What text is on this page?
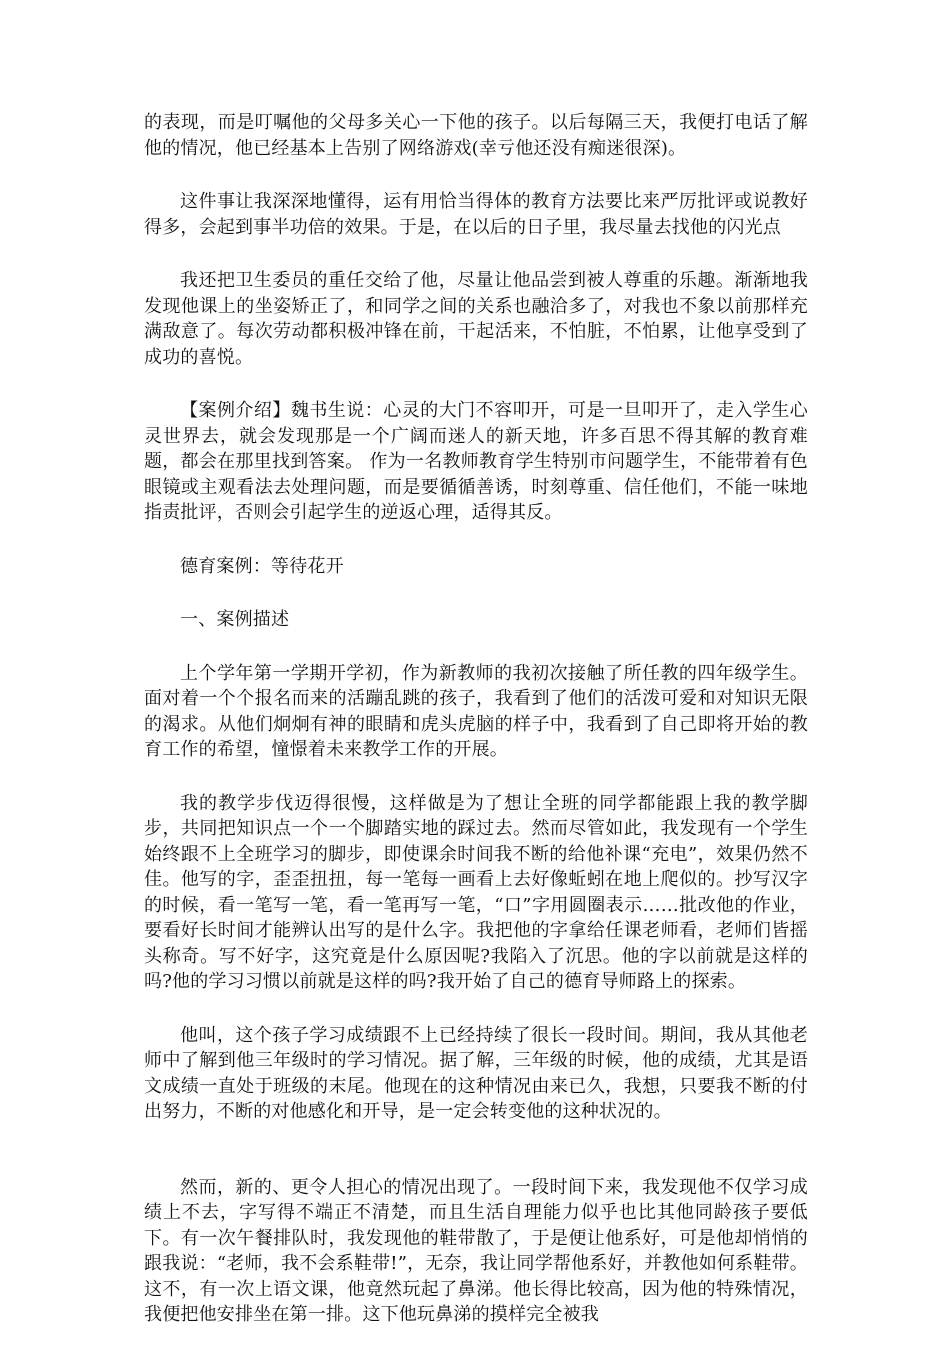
的表现，而是叮嘱他的父母多关心一下他的孩子。以后每隔三天，我便打电话了解他的情况，他已经基本上告别了网络游戏(幸亏他还没有痴迷很深)。

这件事让我深深地懂得，运有用恰当得体的教育方法要比来严厉批评或说教好得多，会起到事半功倍的效果。于是，在以后的日子里，我尽量去找他的闪光点

我还把卫生委员的重任交给了他，尽量让他品尝到被人尊重的乐趣。渐渐地我发现他课上的坐姿矫正了，和同学之间的关系也融洽多了，对我也不象以前那样充满敌意了。每次劳动都积极冲锋在前，干起活来，不怕脏，不怕累，让他享受到了成功的喜悦。

【案例介绍】魏书生说：心灵的大门不容叩开，可是一旦叩开了，走入学生心灵世界去，就会发现那是一个广阔而迷人的新天地，许多百思不得其解的教育难题，都会在那里找到答案。 作为一名教师教育学生特别市问题学生，不能带着有色眼镜或主观看法去处理问题，而是要循循善诱，时刻尊重、信任他们，不能一味地指责批评，否则会引起学生的逆返心理，适得其反。

德育案例：等待花开

一、案例描述

上个学年第一学期开学初，作为新教师的我初次接触了所任教的四年级学生。面对着一个个报名而来的活蹦乱跳的孩子，我看到了他们的活泼可爱和对知识无限的渴求。从他们炯炯有神的眼睛和虎头虎脑的样子中，我看到了自己即将开始的教育工作的希望，憧憬着未来教学工作的开展。

我的教学步伐迈得很慢，这样做是为了想让全班的同学都能跟上我的教学脚步，共同把知识点一个一个脚踏实地的踩过去。然而尽管如此，我发现有一个学生始终跟不上全班学习的脚步，即使课余时间我不断的给他补课“充电”，效果仍然不佳。他写的字，歪歪扭扭，每一笔每一画看上去好像蚯蚓在地上爬似的。抄写汉字的时候，看一笔写一笔，看一笔再写一笔，“口”字用圆圈表示……批改他的作业，要看好长时间才能辨认出写的是什么字。我把他的字拿给任课老师看，老师们皆摇头称奇。写不好字，这究竟是什么原因呢?我陷入了沉思。他的字以前就是这样的吗?他的学习习惯以前就是这样的吗?我开始了自己的德育导师路上的探索。

他叫，这个孩子学习成绩跟不上已经持续了很长一段时间。期间，我从其他老师中了解到他三年级时的学习情况。据了解，三年级的时候，他的成绩，尤其是语文成绩一直处于班级的末尾。他现在的这种情况由来已久，我想，只要我不断的付出努力，不断的对他感化和开导，是一定会转变他的这种状况的。

然而，新的、更令人担心的情况出现了。一段时间下来，我发现他不仅学习成绩上不去，字写得不端正不清楚，而且生活自理能力似乎也比其他同龄孩子要低下。有一次午餐排队时，我发现他的鞋带散了，于是便让他系好，可是他却悄悄的跟我说：“老师，我不会系鞋带!”，无奈，我让同学帮他系好，并教他如何系鞋带。这不，有一次上语文课，他竟然玩起了鼻涕。他长得比较高，因为他的特殊情况，我便把他安排坐在第一排。这下他玩鼻涕的摸样完全被我
